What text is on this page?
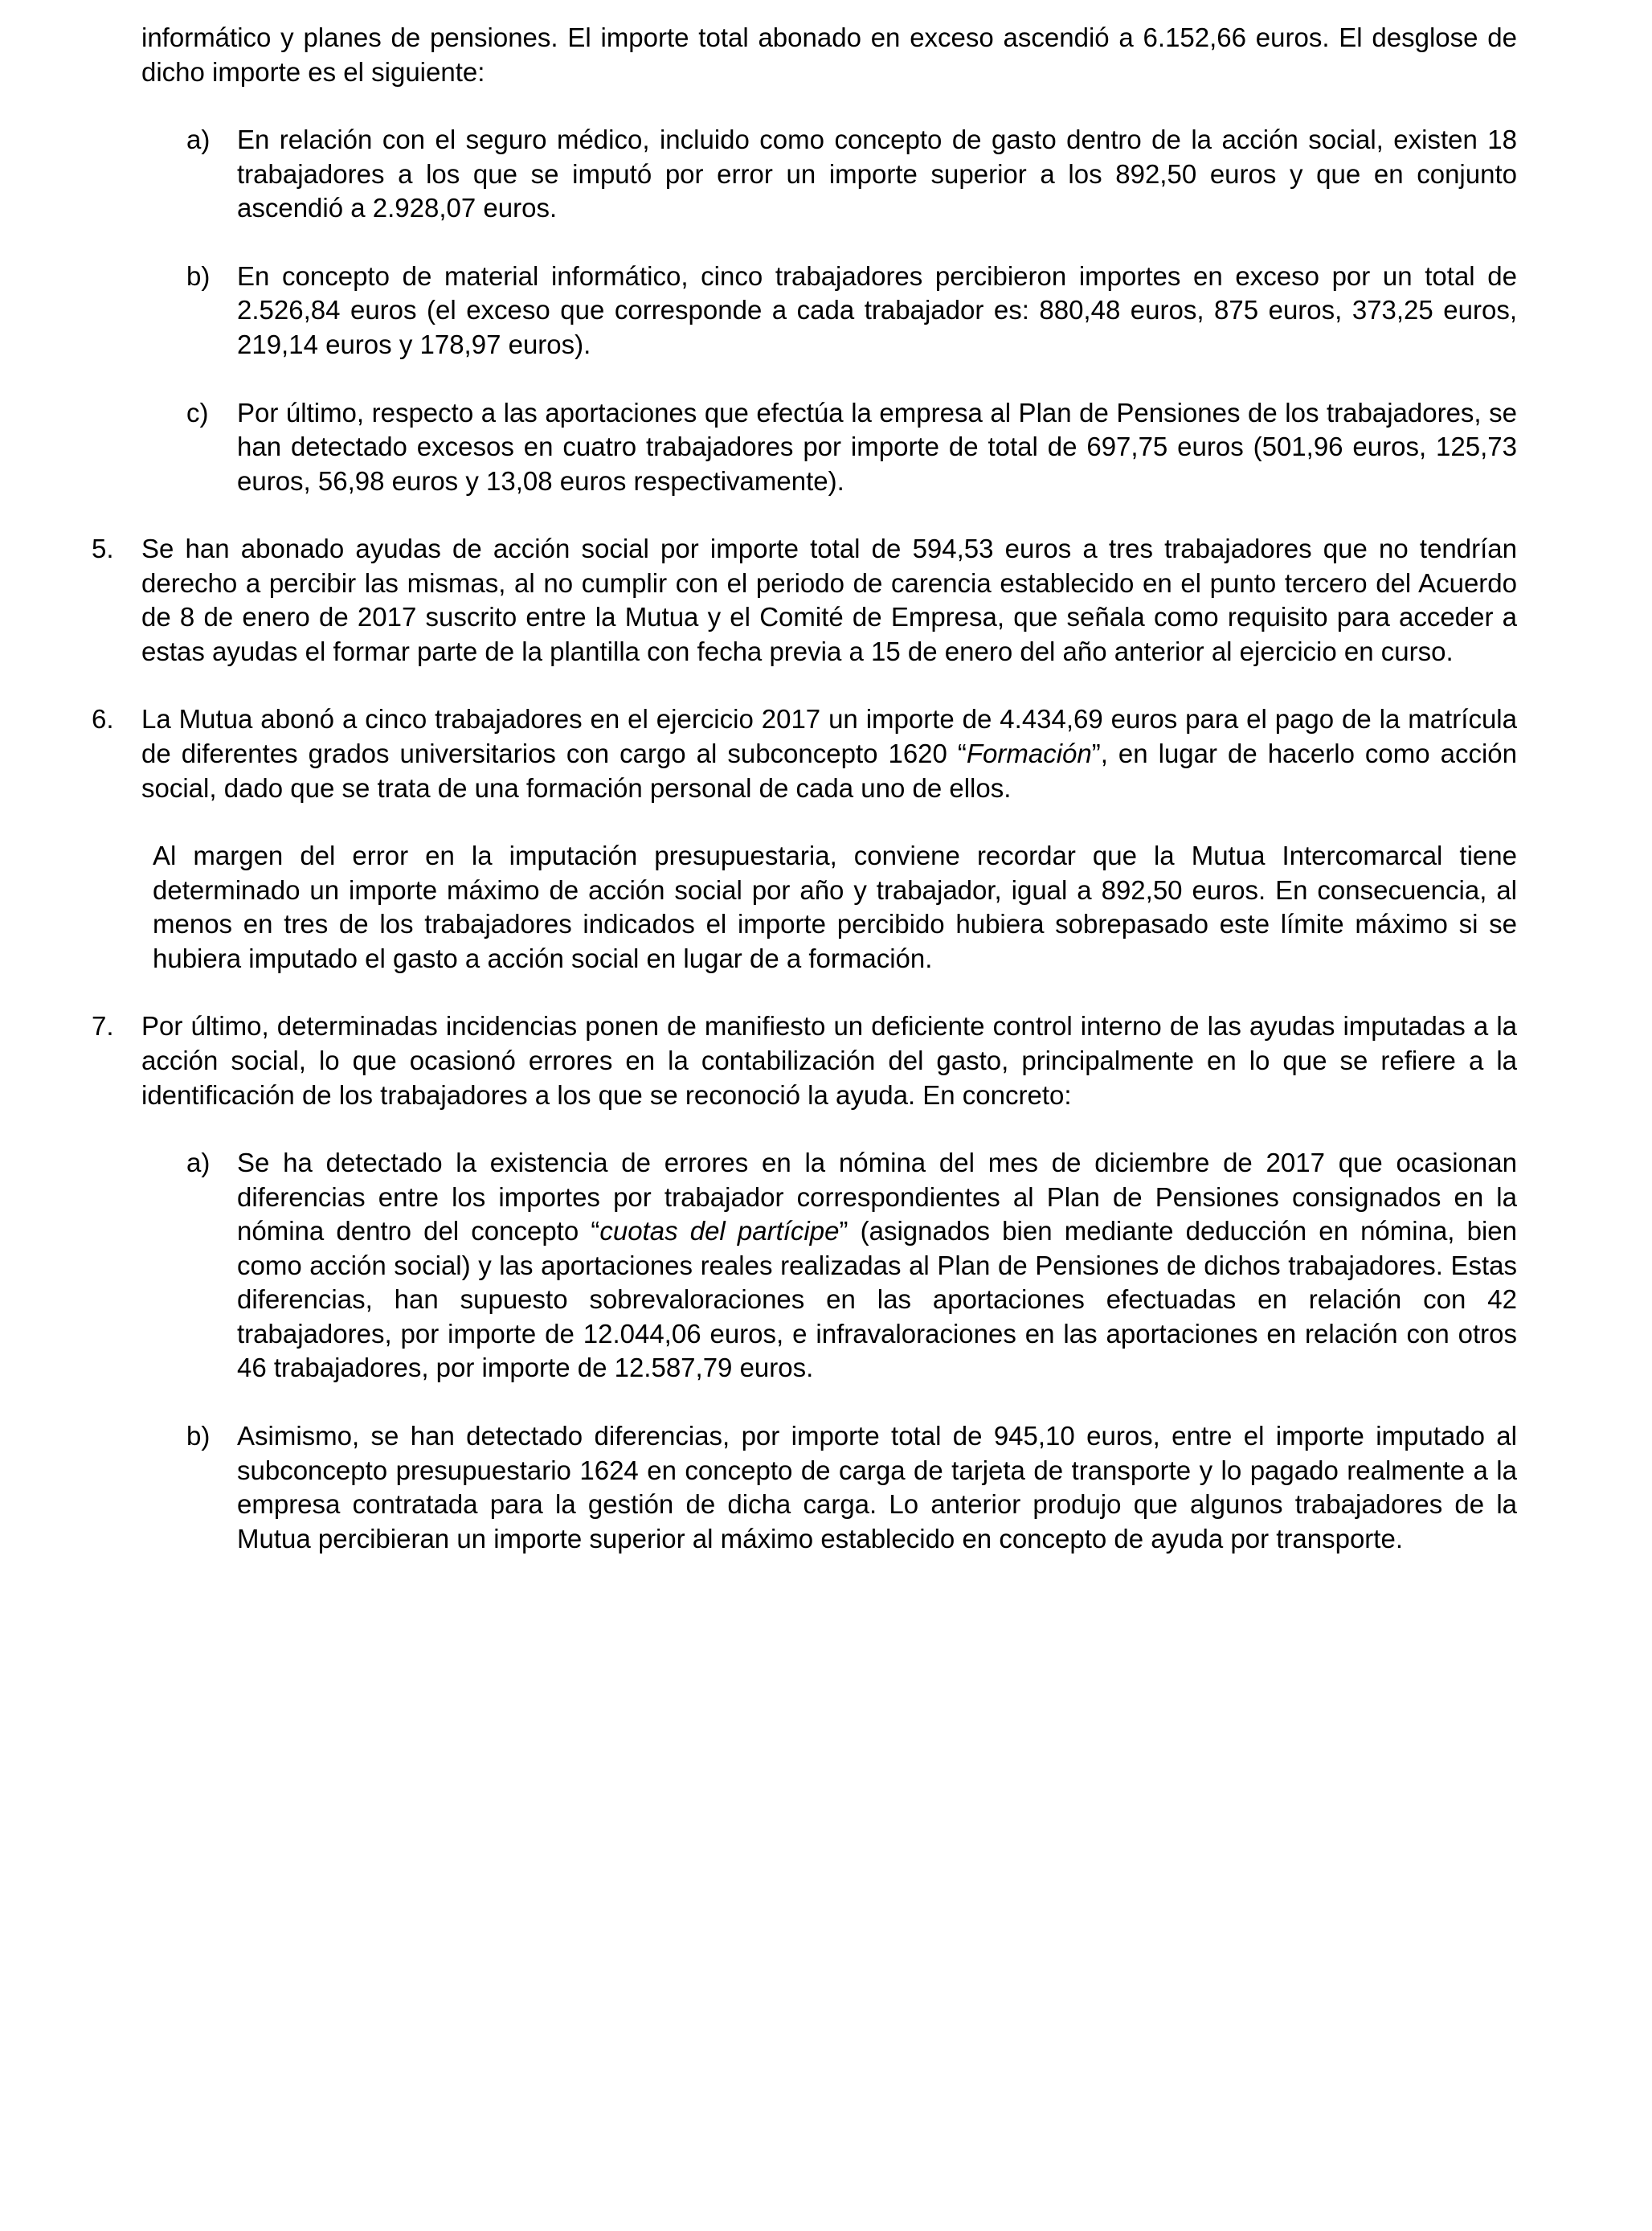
informático y planes de pensiones. El importe total abonado en exceso ascendió a 6.152,66 euros. El desglose de dicho importe es el siguiente:

a)	En relación con el seguro médico, incluido como concepto de gasto dentro de la acción social, existen 18 trabajadores a los que se imputó por error un importe superior a los 892,50 euros y que en conjunto ascendió a 2.928,07 euros.
b)	En concepto de material informático, cinco trabajadores percibieron importes en exceso por un total de 2.526,84 euros (el exceso que corresponde a cada trabajador es: 880,48 euros, 875 euros, 373,25 euros, 219,14 euros y 178,97 euros).
c)	Por último, respecto a las aportaciones que efectúa la empresa al Plan de Pensiones de los trabajadores, se han detectado excesos en cuatro trabajadores por importe de total de 697,75 euros (501,96 euros, 125,73 euros, 56,98 euros y 13,08 euros respectivamente).
5.	Se han abonado ayudas de acción social por importe total de 594,53 euros a tres trabajadores que no tendrían derecho a percibir las mismas, al no cumplir con el periodo de carencia establecido en el punto tercero del Acuerdo de 8 de enero de 2017 suscrito entre la Mutua y el Comité de Empresa, que señala como requisito para acceder a estas ayudas el formar parte de la plantilla con fecha previa a 15 de enero del año anterior al ejercicio en curso.
6.	La Mutua abonó a cinco trabajadores en el ejercicio 2017 un importe de 4.434,69 euros para el pago de la matrícula de diferentes grados universitarios con cargo al subconcepto 1620 “Formación”, en lugar de hacerlo como acción social, dado que se trata de una formación personal de cada uno de ellos.

Al margen del error en la imputación presupuestaria, conviene recordar que la Mutua Intercomarcal tiene determinado un importe máximo de acción social por año y trabajador, igual a 892,50 euros. En consecuencia, al menos en tres de los trabajadores indicados el importe percibido hubiera sobrepasado este límite máximo si se hubiera imputado el gasto a acción social en lugar de a formación.

7.	Por último, determinadas incidencias ponen de manifiesto un deficiente control interno de las ayudas imputadas a la acción social, lo que ocasionó errores en la contabilización del gasto, principalmente en lo que se refiere a la identificación de los trabajadores a los que se reconoció la ayuda. En concreto:
a)	Se ha detectado la existencia de errores en la nómina del mes de diciembre de 2017 que ocasionan diferencias entre los importes por trabajador correspondientes al Plan de Pensiones consignados en la nómina dentro del concepto “cuotas del partícipe” (asignados bien mediante deducción en nómina, bien como acción social) y las aportaciones reales realizadas al Plan de Pensiones de dichos trabajadores. Estas diferencias, han supuesto sobrevaloraciones en las aportaciones efectuadas en relación con 42 trabajadores, por importe de 12.044,06 euros, e infravaloraciones en las aportaciones en relación con otros 46 trabajadores, por importe de 12.587,79 euros.
b)	Asimismo, se han detectado diferencias, por importe total de 945,10 euros, entre el importe imputado al subconcepto presupuestario 1624 en concepto de carga de tarjeta de transporte y lo pagado realmente a la empresa contratada para la gestión de dicha carga. Lo anterior produjo que algunos trabajadores de la Mutua percibieran un importe superior al máximo establecido en concepto de ayuda por transporte.
